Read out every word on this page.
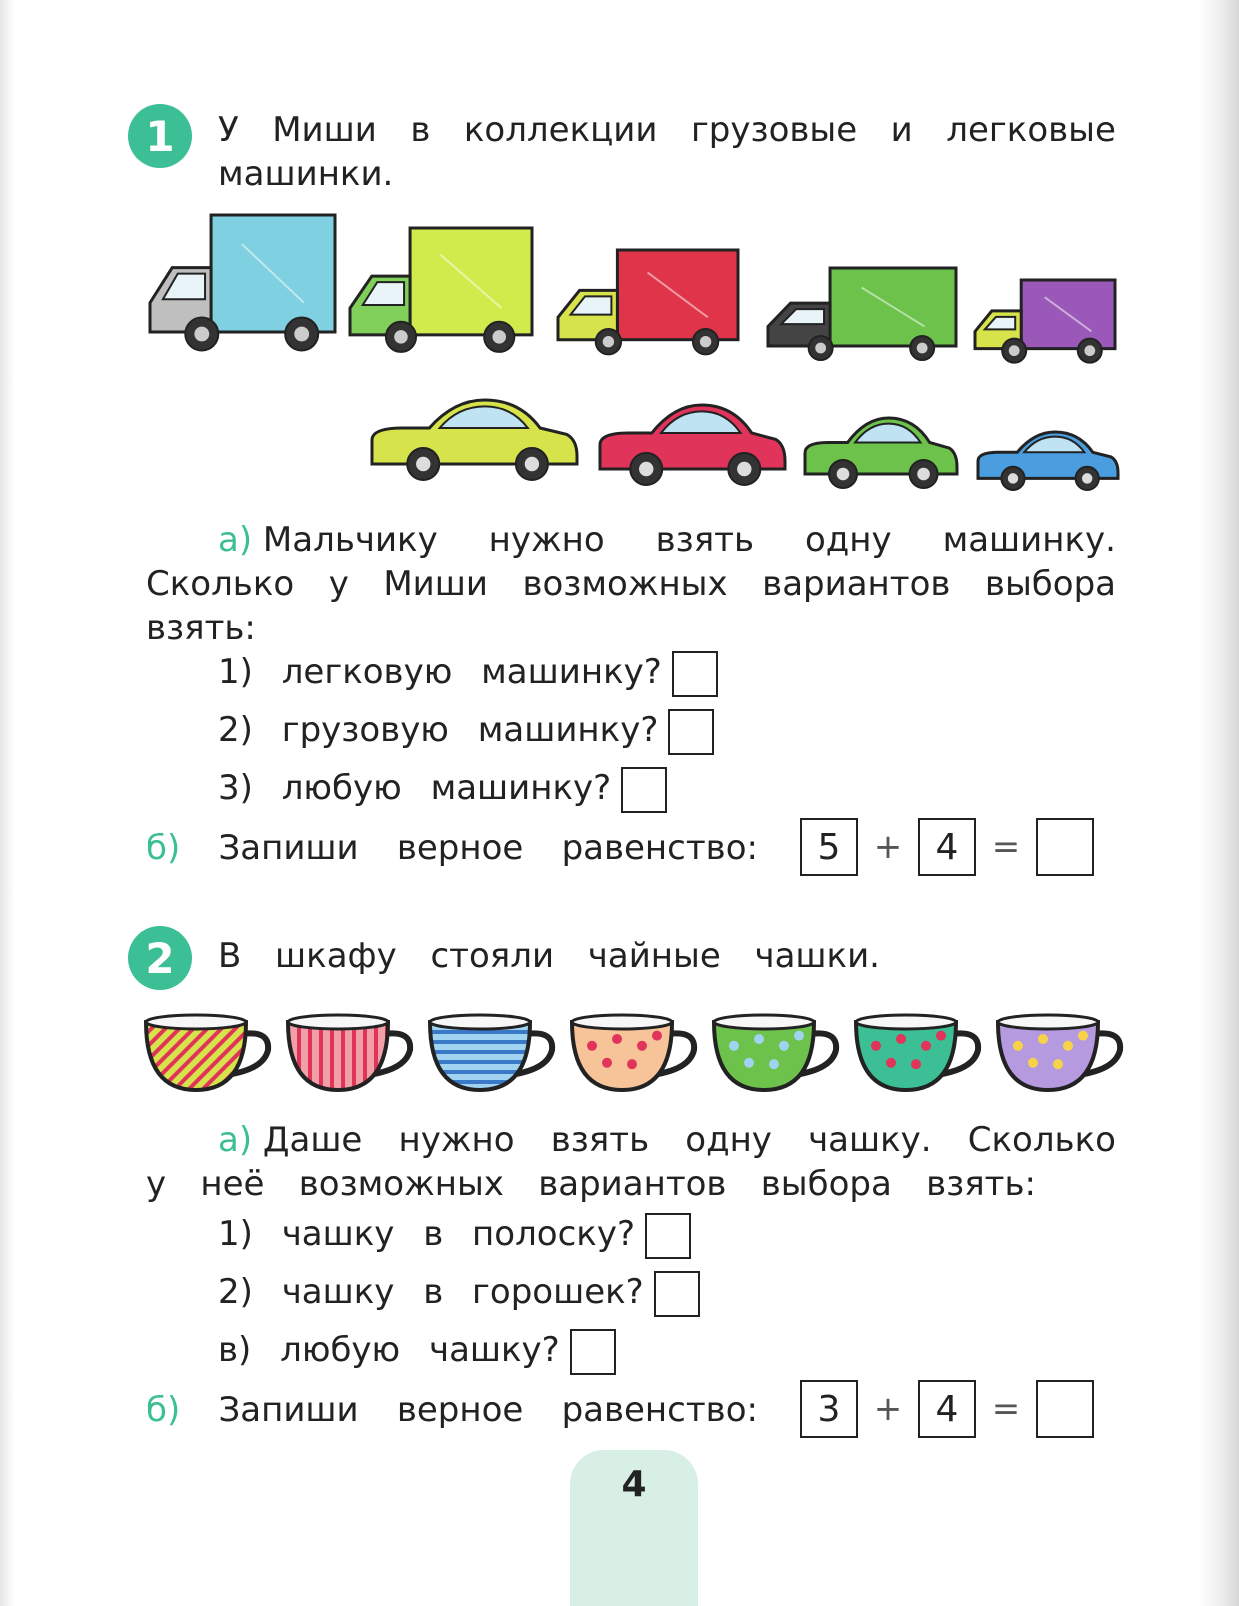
1 У Миши в коллекции грузовые и легковые
машинки.
а) Мальчику нужно взять одну машинку.
Сколько у Миши возможных вариантов выбора
взять:
1) легковую машинку?
2) грузовую машинку?
3) любую машинку?
б) Запиши верное равенство:	5 + 4 =
2 В шкафу стояли чайные чашки.
а) Даше нужно взять одну чашку. Сколько
у неё возможных вариантов выбора взять:
1) чашку в полоску?
2) чашку в горошек?
в) любую чашку?
б) Запиши верное равенство:	3 + 4 =
4
